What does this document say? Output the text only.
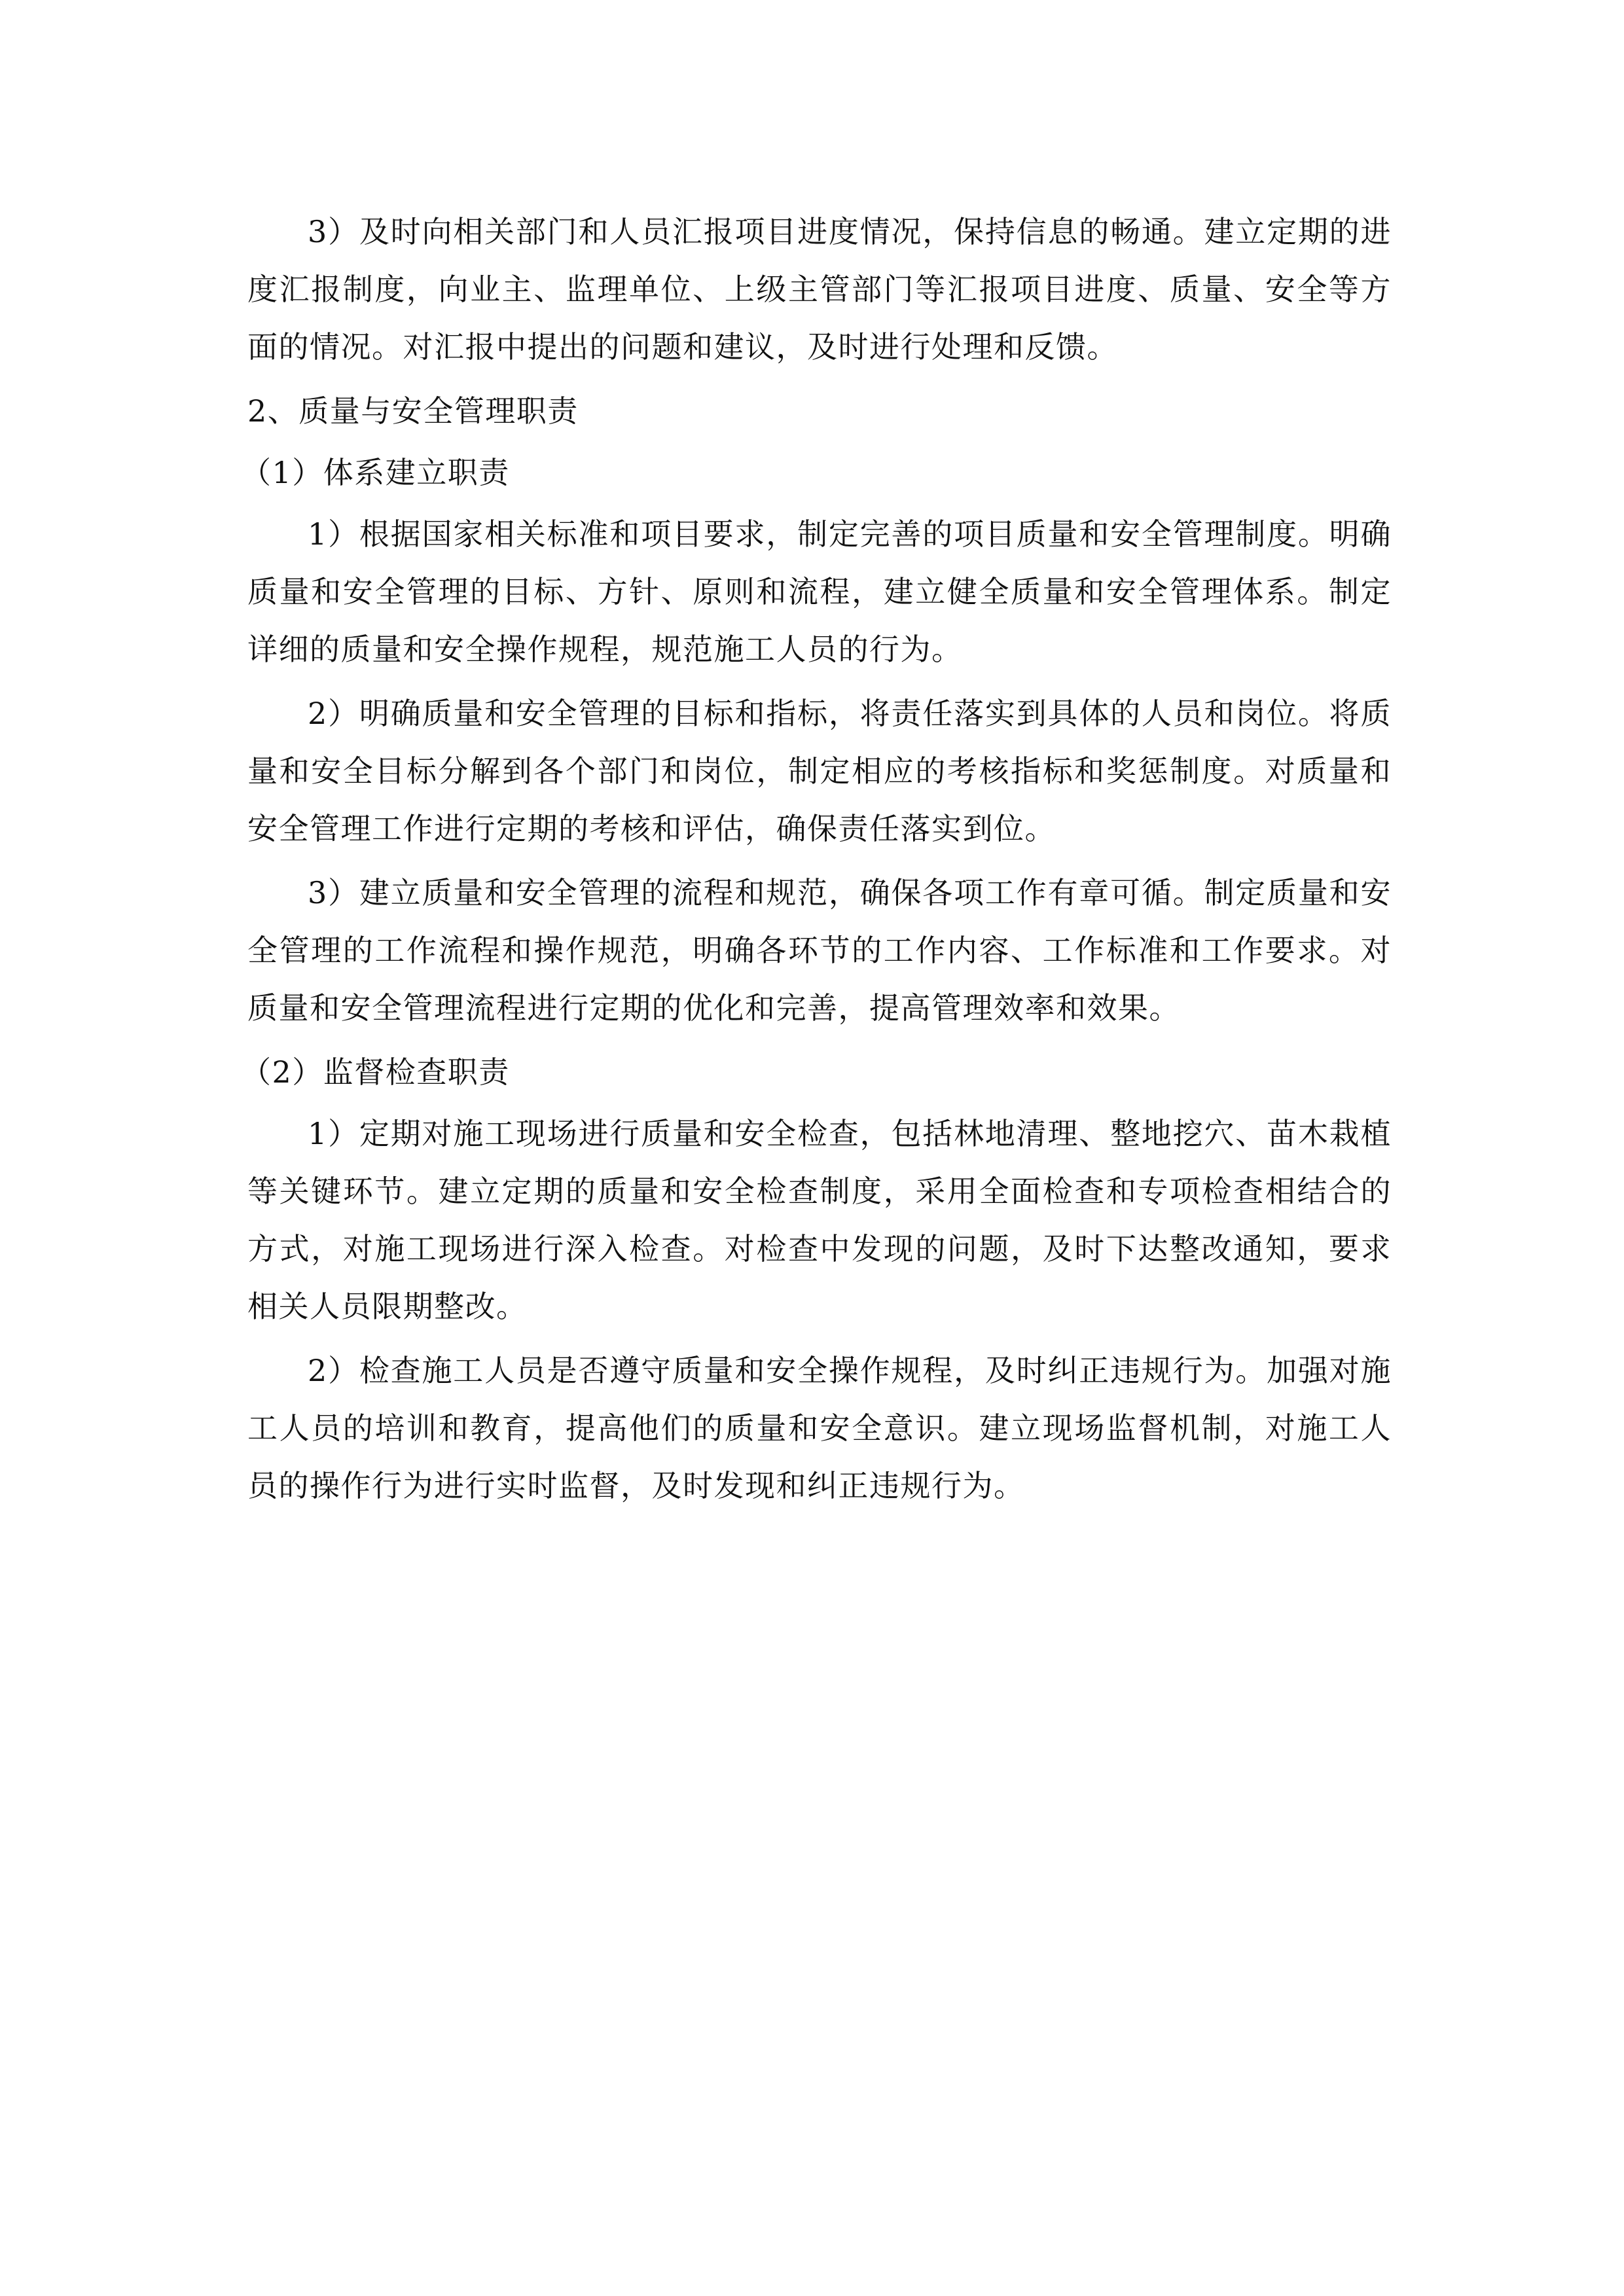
3）及时向相关部门和人员汇报项目进度情况，保持信息的畅通。建立定期的进度汇报制度，向业主、监理单位、上级主管部门等汇报项目进度、质量、安全等方面的情况。对汇报中提出的问题和建议，及时进行处理和反馈。

2、质量与安全管理职责
（1）体系建立职责

1）根据国家相关标准和项目要求，制定完善的项目质量和安全管理制度。明确质量和安全管理的目标、方针、原则和流程，建立健全质量和安全管理体系。制定详细的质量和安全操作规程，规范施工人员的行为。

2）明确质量和安全管理的目标和指标，将责任落实到具体的人员和岗位。将质量和安全目标分解到各个部门和岗位，制定相应的考核指标和奖惩制度。对质量和安全管理工作进行定期的考核和评估，确保责任落实到位。

3）建立质量和安全管理的流程和规范，确保各项工作有章可循。制定质量和安全管理的工作流程和操作规范，明确各环节的工作内容、工作标准和工作要求。对质量和安全管理流程进行定期的优化和完善，提高管理效率和效果。

（2）监督检查职责

1）定期对施工现场进行质量和安全检查，包括林地清理、整地挖穴、苗木栽植等关键环节。建立定期的质量和安全检查制度，采用全面检查和专项检查相结合的方式，对施工现场进行深入检查。对检查中发现的问题，及时下达整改通知，要求相关人员限期整改。

2）检查施工人员是否遵守质量和安全操作规程，及时纠正违规行为。加强对施工人员的培训和教育，提高他们的质量和安全意识。建立现场监督机制，对施工人员的操作行为进行实时监督，及时发现和纠正违规行为。
